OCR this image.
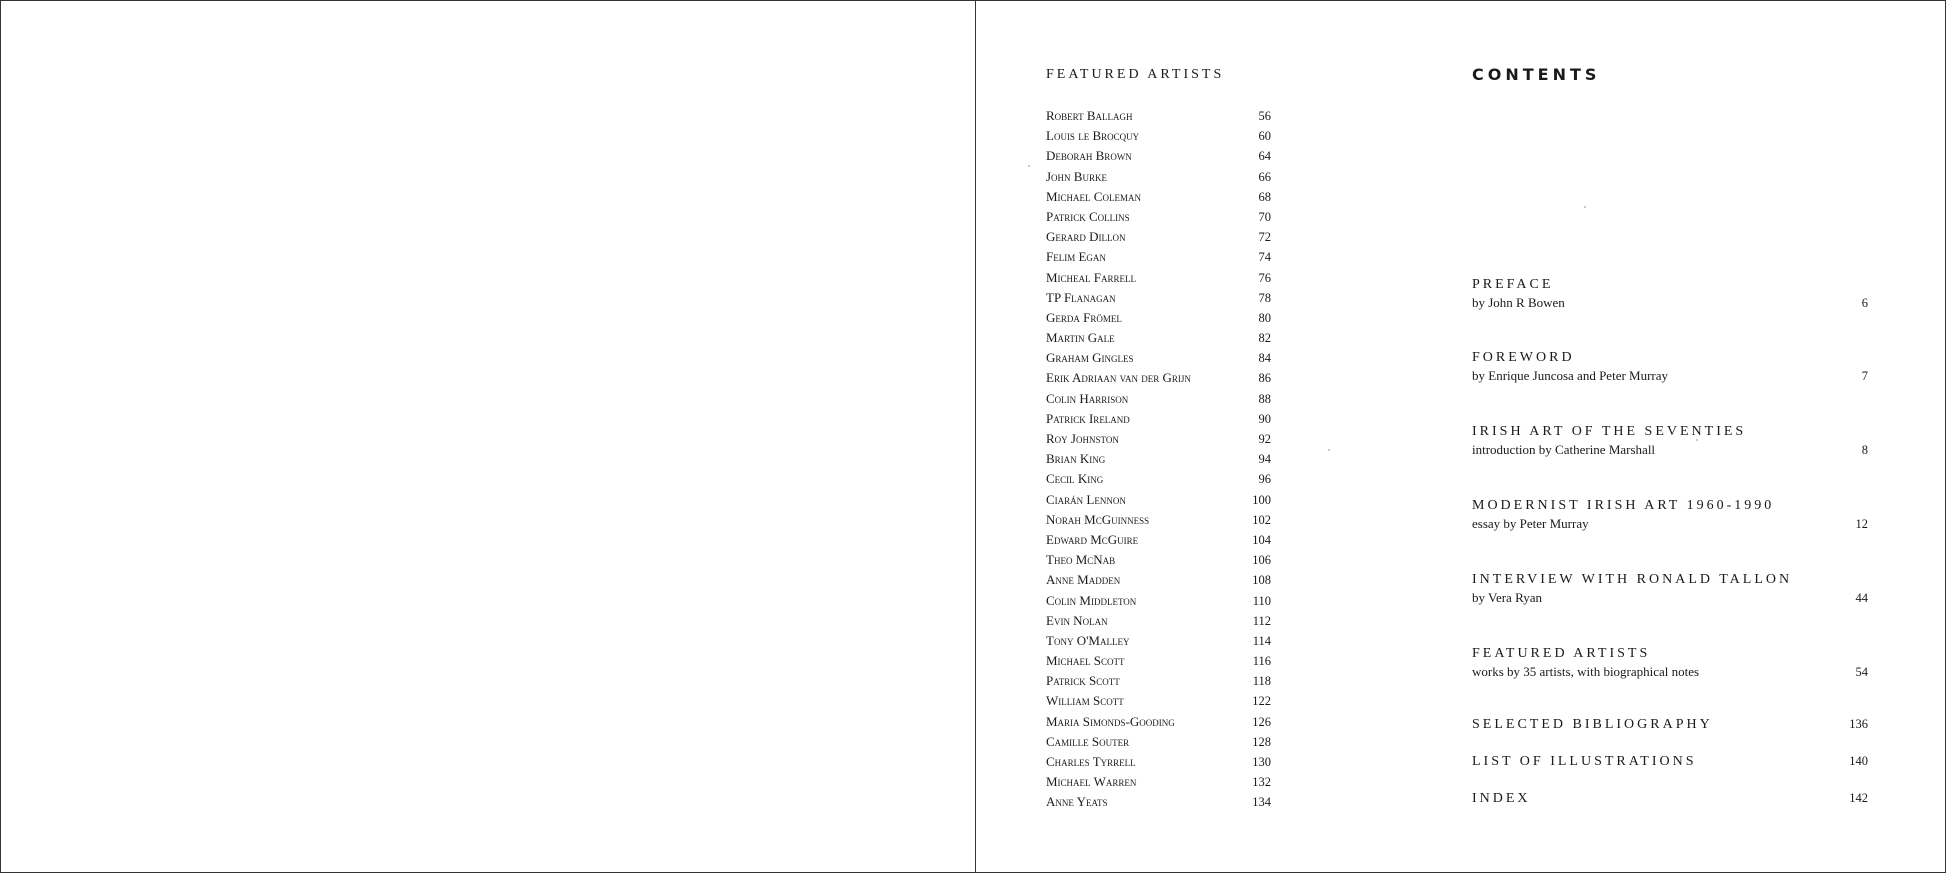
FEATURED ARTISTS
Robert Ballagh	56
Louis le Brocquy	60
Deborah Brown	64
John Burke	66
Michael Coleman	68
Patrick Collins	70
Gerard Dillon	72
Felim Egan	74
Micheal Farrell	76
TP Flanagan	78
Gerda Frömel	80
Martin Gale	82
Graham Gingles	84
Erik Adriaan van der Grijn	86
Colin Harrison	88
Patrick Ireland	90
Roy Johnston	92
Brian King	94
Cecil King	96
Ciarán Lennon	100
Norah McGuinness	102
Edward McGuire	104
Theo McNab	106
Anne Madden	108
Colin Middleton	110
Evin Nolan	112
Tony O'Malley	114
Michael Scott	116
Patrick Scott	118
William Scott	122
Maria Simonds-Gooding	126
Camille Souter	128
Charles Tyrrell	130
Michael Warren	132
Anne Yeats	134
CONTENTS
PREFACE
by John R Bowen	6
FOREWORD
by Enrique Juncosa and Peter Murray	7
IRISH ART OF THE SEVENTIES
introduction by Catherine Marshall	8
MODERNIST IRISH ART 1960-1990
essay by Peter Murray	12
INTERVIEW WITH RONALD TALLON
by Vera Ryan	44
FEATURED ARTISTS
works by 35 artists, with biographical notes	54
SELECTED BIBLIOGRAPHY	136
LIST OF ILLUSTRATIONS	140
INDEX	142
